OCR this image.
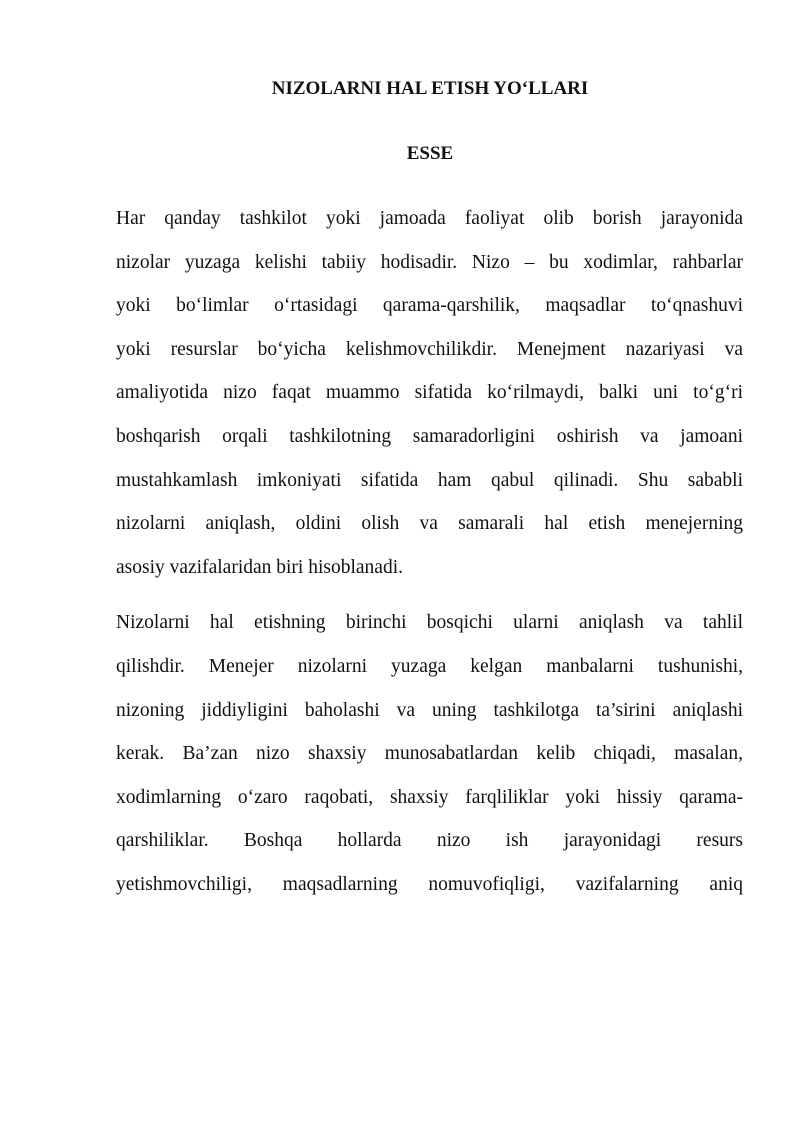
NIZOLARNI HAL ETISH YO‘LLARI
ESSE

Har qanday tashkilot yoki jamoada faoliyat olib borish jarayonida
nizolar yuzaga kelishi tabiiy hodisadir. Nizo – bu xodimlar, rahbarlar
yoki bo‘limlar o‘rtasidagi qarama-qarshilik, maqsadlar to‘qnashuvi
yoki resurslar bo‘yicha kelishmovchilikdir. Menejment nazariyasi va
amaliyotida nizo faqat muammo sifatida ko‘rilmaydi, balki uni to‘g‘ri
boshqarish orqali tashkilotning samaradorligini oshirish va jamoani
mustahkamlash imkoniyati sifatida ham qabul qilinadi. Shu sababli
nizolarni aniqlash, oldini olish va samarali hal etish menejerning
asosiy vazifalaridan biri hisoblanadi.

Nizolarni hal etishning birinchi bosqichi ularni aniqlash va tahlil
qilishdir. Menejer nizolarni yuzaga kelgan manbalarni tushunishi,
nizoning jiddiyligini baholashi va uning tashkilotga ta’sirini aniqlashi
kerak. Ba’zan nizo shaxsiy munosabatlardan kelib chiqadi, masalan,
xodimlarning o‘zaro raqobati, shaxsiy farqliliklar yoki hissiy qarama-
qarshiliklar. Boshqa hollarda nizo ish jarayonidagi resurs
yetishmovchiligi, maqsadlarning nomuvofiqligi, vazifalarning aniq
